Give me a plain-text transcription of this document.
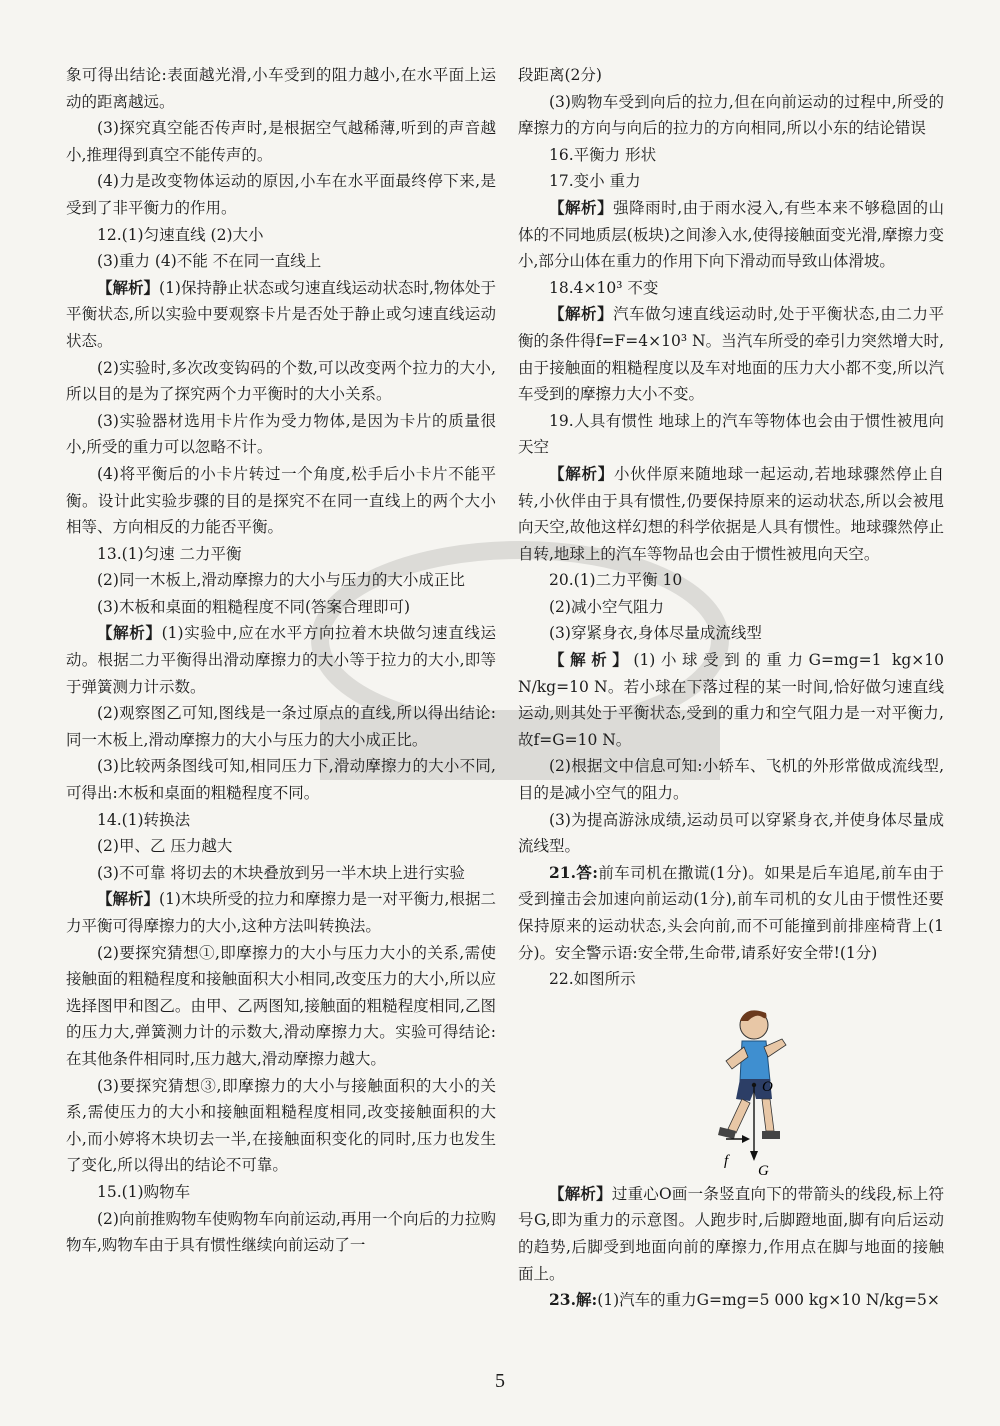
象可得出结论:表面越光滑,小车受到的阻力越小,在水平面上运动的距离越远。

(3)探究真空能否传声时,是根据空气越稀薄,听到的声音越小,推理得到真空不能传声的。

(4)力是改变物体运动的原因,小车在水平面最终停下来,是受到了非平衡力的作用。

12.(1)匀速直线 (2)大小

(3)重力 (4)不能 不在同一直线上

【解析】(1)保持静止状态或匀速直线运动状态时,物体处于平衡状态,所以实验中要观察卡片是否处于静止或匀速直线运动状态。

(2)实验时,多次改变钩码的个数,可以改变两个拉力的大小,所以目的是为了探究两个力平衡时的大小关系。

(3)实验器材选用卡片作为受力物体,是因为卡片的质量很小,所受的重力可以忽略不计。

(4)将平衡后的小卡片转过一个角度,松手后小卡片不能平衡。设计此实验步骤的目的是探究不在同一直线上的两个大小相等、方向相反的力能否平衡。

13.(1)匀速 二力平衡

(2)同一木板上,滑动摩擦力的大小与压力的大小成正比

(3)木板和桌面的粗糙程度不同(答案合理即可)

【解析】(1)实验中,应在水平方向拉着木块做匀速直线运动。根据二力平衡得出滑动摩擦力的大小等于拉力的大小,即等于弹簧测力计示数。

(2)观察图乙可知,图线是一条过原点的直线,所以得出结论:同一木板上,滑动摩擦力的大小与压力的大小成正比。

(3)比较两条图线可知,相同压力下,滑动摩擦力的大小不同,可得出:木板和桌面的粗糙程度不同。

14.(1)转换法

(2)甲、乙 压力越大

(3)不可靠 将切去的木块叠放到另一半木块上进行实验

【解析】(1)木块所受的拉力和摩擦力是一对平衡力,根据二力平衡可得摩擦力的大小,这种方法叫转换法。

(2)要探究猜想①,即摩擦力的大小与压力大小的关系,需使接触面的粗糙程度和接触面积大小相同,改变压力的大小,所以应选择图甲和图乙。由甲、乙两图知,接触面的粗糙程度相同,乙图的压力大,弹簧测力计的示数大,滑动摩擦力大。实验可得结论:在其他条件相同时,压力越大,滑动摩擦力越大。

(3)要探究猜想③,即摩擦力的大小与接触面积的大小的关系,需使压力的大小和接触面粗糙程度相同,改变接触面积的大小,而小婷将木块切去一半,在接触面积变化的同时,压力也发生了变化,所以得出的结论不可靠。

15.(1)购物车

(2)向前推购物车使购物车向前运动,再用一个向后的力拉购物车,购物车由于具有惯性继续向前运动了一

段距离(2分)

(3)购物车受到向后的拉力,但在向前运动的过程中,所受的摩擦力的方向与向后的拉力的方向相同,所以小东的结论错误

16.平衡力 形状

17.变小 重力

【解析】强降雨时,由于雨水浸入,有些本来不够稳固的山体的不同地质层(板块)之间渗入水,使得接触面变光滑,摩擦力变小,部分山体在重力的作用下向下滑动而导致山体滑坡。

18.4×10³ 不变

【解析】汽车做匀速直线运动时,处于平衡状态,由二力平衡的条件得f=F=4×10³ N。当汽车所受的牵引力突然增大时,由于接触面的粗糙程度以及车对地面的压力大小都不变,所以汽车受到的摩擦力大小不变。

19.人具有惯性 地球上的汽车等物体也会由于惯性被甩向天空

【解析】小伙伴原来随地球一起运动,若地球骤然停止自转,小伙伴由于具有惯性,仍要保持原来的运动状态,所以会被甩向天空,故他这样幻想的科学依据是人具有惯性。地球骤然停止自转,地球上的汽车等物品也会由于惯性被甩向天空。

20.(1)二力平衡 10

(2)减小空气阻力

(3)穿紧身衣,身体尽量成流线型

【解析】(1)小球受到的重力G=mg=1 kg×10 N/kg=10 N。若小球在下落过程的某一时间,恰好做匀速直线运动,则其处于平衡状态,受到的重力和空气阻力是一对平衡力,故f=G=10 N。

(2)根据文中信息可知:小轿车、飞机的外形常做成流线型,目的是减小空气的阻力。

(3)为提高游泳成绩,运动员可以穿紧身衣,并使身体尽量成流线型。

21.答:前车司机在撒谎(1分)。如果是后车追尾,前车由于受到撞击会加速向前运动(1分),前车司机的女儿由于惯性还要保持原来的运动状态,头会向前,而不可能撞到前排座椅背上(1分)。安全警示语:安全带,生命带,请系好安全带!(1分)

22.如图所示

O
G
f

【解析】过重心O画一条竖直向下的带箭头的线段,标上符号G,即为重力的示意图。人跑步时,后脚蹬地面,脚有向后运动的趋势,后脚受到地面向前的摩擦力,作用点在脚与地面的接触面上。

23.解:(1)汽车的重力G=mg=5 000 kg×10 N/kg=5×

5
